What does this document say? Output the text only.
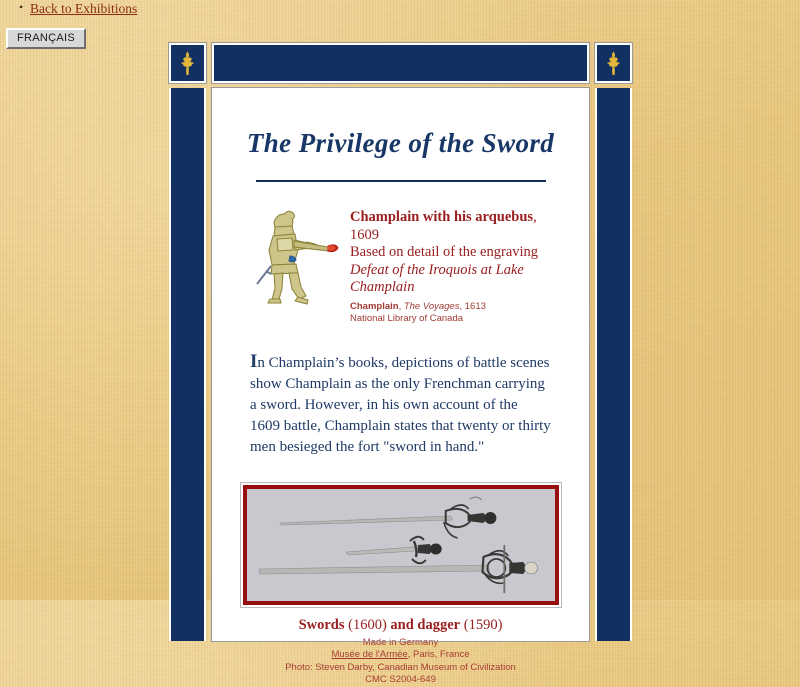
• Back to Exhibitions
FRANÇAIS
The Privilege of the Sword
Champlain with his arquebus,
1609
Based on detail of the engraving
Defeat of the Iroquois at Lake Champlain
Champlain, The Voyages, 1613
National Library of Canada

In Champlain’s books, depictions of battle scenes show Champlain as the only Frenchman carrying a sword. However, in his own account of the 1609 battle, Champlain states that twenty or thirty men besieged the fort "sword in hand."

Swords (1600) and dagger (1590)
Made in Germany
Musée de l'Armée, Paris, France
Photo: Steven Darby, Canadian Museum of Civilization
CMC S2004-649
